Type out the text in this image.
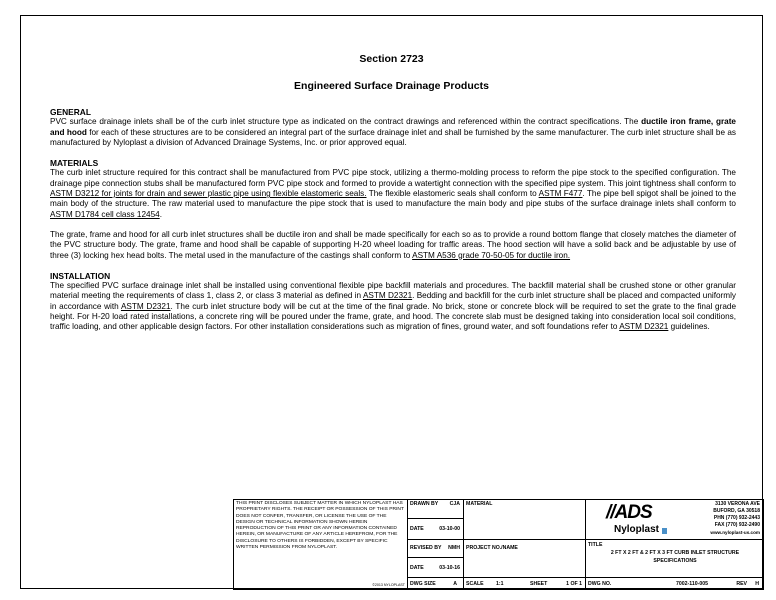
Section 2723
Engineered Surface Drainage Products
GENERAL

PVC surface drainage inlets shall be of the curb inlet structure type as indicated on the contract drawings and referenced within the contract specifications. The ductile iron frame, grate and hood for each of these structures are to be considered an integral part of the surface drainage inlet and shall be furnished by the same manufacturer. The curb inlet structure shall be as manufactured by Nyloplast a division of Advanced Drainage Systems, Inc. or prior approved equal.

MATERIALS

The curb inlet structure required for this contract shall be manufactured from PVC pipe stock, utilizing a thermo-molding process to reform the pipe stock to the specified configuration. The drainage pipe connection stubs shall be manufactured form PVC pipe stock and formed to provide a watertight connection with the specified pipe system. This joint tightness shall conform to ASTM D3212 for joints for drain and sewer plastic pipe using flexible elastomeric seals. The flexible elastomeric seals shall conform to ASTM F477. The pipe bell spigot shall be joined to the main body of the structure. The raw material used to manufacture the pipe stock that is used to manufacture the main body and pipe stubs of the surface drainage inlets shall conform to ASTM D1784 cell class 12454.

The grate, frame and hood for all curb inlet structures shall be ductile iron and shall be made specifically for each so as to provide a round bottom flange that closely matches the diameter of the PVC structure body. The grate, frame and hood shall be capable of supporting H-20 wheel loading for traffic areas. The hood section will have a solid back and be adjustable by use of three (3) locking hex head bolts. The metal used in the manufacture of the castings shall conform to ASTM A536 grade 70-50-05 for ductile iron.

INSTALLATION

The specified PVC surface drainage inlet shall be installed using conventional flexible pipe backfill materials and procedures. The backfill material shall be crushed stone or other granular material meeting the requirements of class 1, class 2, or class 3 material as defined in ASTM D2321. Bedding and backfill for the curb inlet structure shall be placed and compacted uniformly in accordance with ASTM D2321. The curb inlet structure body will be cut at the time of the final grade. No brick, stone or concrete block will be required to set the grate to the final grade height. For H-20 load rated installations, a concrete ring will be poured under the frame, grate, and hood. The concrete slab must be designed taking into consideration local soil conditions, traffic loading, and other applicable design factors. For other installation considerations such as migration of fines, ground water, and soft foundations refer to ASTM D2321 guidelines.

THIS PRINT DISCLOSES SUBJECT MATTER IN WHICH NYLOPLAST HAS PROPRIETARY RIGHTS. THE RECEIPT OR POSSESSION OF THIS PRINT DOES NOT CONFER, TRANSFER, OR LICENSE THE USE OF THE DESIGN OR TECHNICAL INFORMATION SHOWN HEREIN REPRODUCTION OF THIS PRINT OR ANY INFORMATION CONTAINED HEREIN, OR MANUFACTURE OF ANY ARTICLE HEREFROM, FOR THE DISCLOSURE TO OTHERS IS FORBIDDEN, EXCEPT BY SPECIFIC WRITTEN PERMISSION FROM NYLOPLAST.
©2013 NYLOPLAST
DRAWN BY CJA
DATE	03-10-00
REVISED BY NMH
DATE	03-10-16
MATERIAL
PROJECT NO./NAME
DWG SIZE	A SCALE 1:1	SHEET	1 OF 1
//ADS
Nyloplast
3130 VERONA AVE
BUFORD, GA 30518
PHN (770) 932-2443
FAX (770) 932-2490
www.nyloplast-us.com
TITLE
2 FT X 2 FT & 2 FT X 3 FT CURB INLET STRUCTURE
SPECIFICATIONS
DWG NO.	7002-110-005	REV H
